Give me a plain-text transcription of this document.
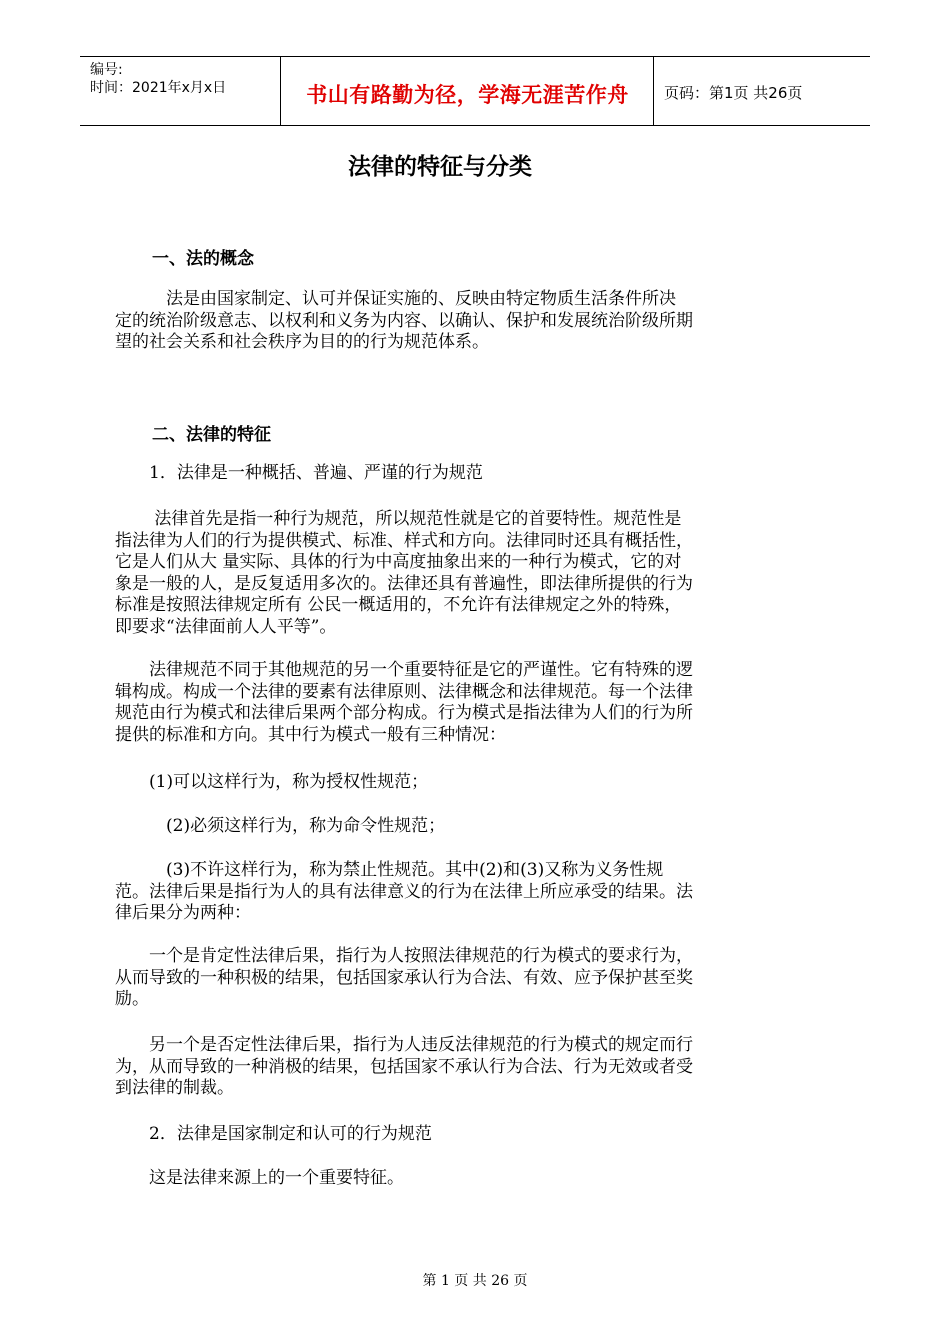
编号:
时间：2021年x月x日	书山有路勤为径，学海无涯苦作舟	页码：第1页 共26页
法律的特征与分类
一、法的概念
　　　法是由国家制定、认可并保证实施的、反映由特定物质生活条件所决
定的统治阶级意志、以权利和义务为内容、以确认、保护和发展统治阶级所期
望的社会关系和社会秩序为目的的行为规范体系。
二、法律的特征
　　1．法律是一种概括、普遍、严谨的行为规范
　　 法律首先是指一种行为规范，所以规范性就是它的首要特性。规范性是
指法律为人们的行为提供模式、标准、样式和方向。法律同时还具有概括性，
它是人们从大 量实际、具体的行为中高度抽象出来的一种行为模式，它的对
象是一般的人，是反复适用多次的。法律还具有普遍性，即法律所提供的行为
标准是按照法律规定所有 公民一概适用的，不允许有法律规定之外的特殊，
即要求“法律面前人人平等”。
　　法律规范不同于其他规范的另一个重要特征是它的严谨性。它有特殊的逻
辑构成。构成一个法律的要素有法律原则、法律概念和法律规范。每一个法律
规范由行为模式和法律后果两个部分构成。行为模式是指法律为人们的行为所
提供的标准和方向。其中行为模式一般有三种情况：
　　(1)可以这样行为，称为授权性规范；
　　　(2)必须这样行为，称为命令性规范；
　　　(3)不许这样行为，称为禁止性规范。其中(2)和(3)又称为义务性规
范。法律后果是指行为人的具有法律意义的行为在法律上所应承受的结果。法
律后果分为两种：
　　一个是肯定性法律后果，指行为人按照法律规范的行为模式的要求行为，
从而导致的一种积极的结果，包括国家承认行为合法、有效、应予保护甚至奖
励。
　　另一个是否定性法律后果，指行为人违反法律规范的行为模式的规定而行
为，从而导致的一种消极的结果，包括国家不承认行为合法、行为无效或者受
到法律的制裁。
　　2．法律是国家制定和认可的行为规范
　　这是法律来源上的一个重要特征。
第 1 页 共 26 页
